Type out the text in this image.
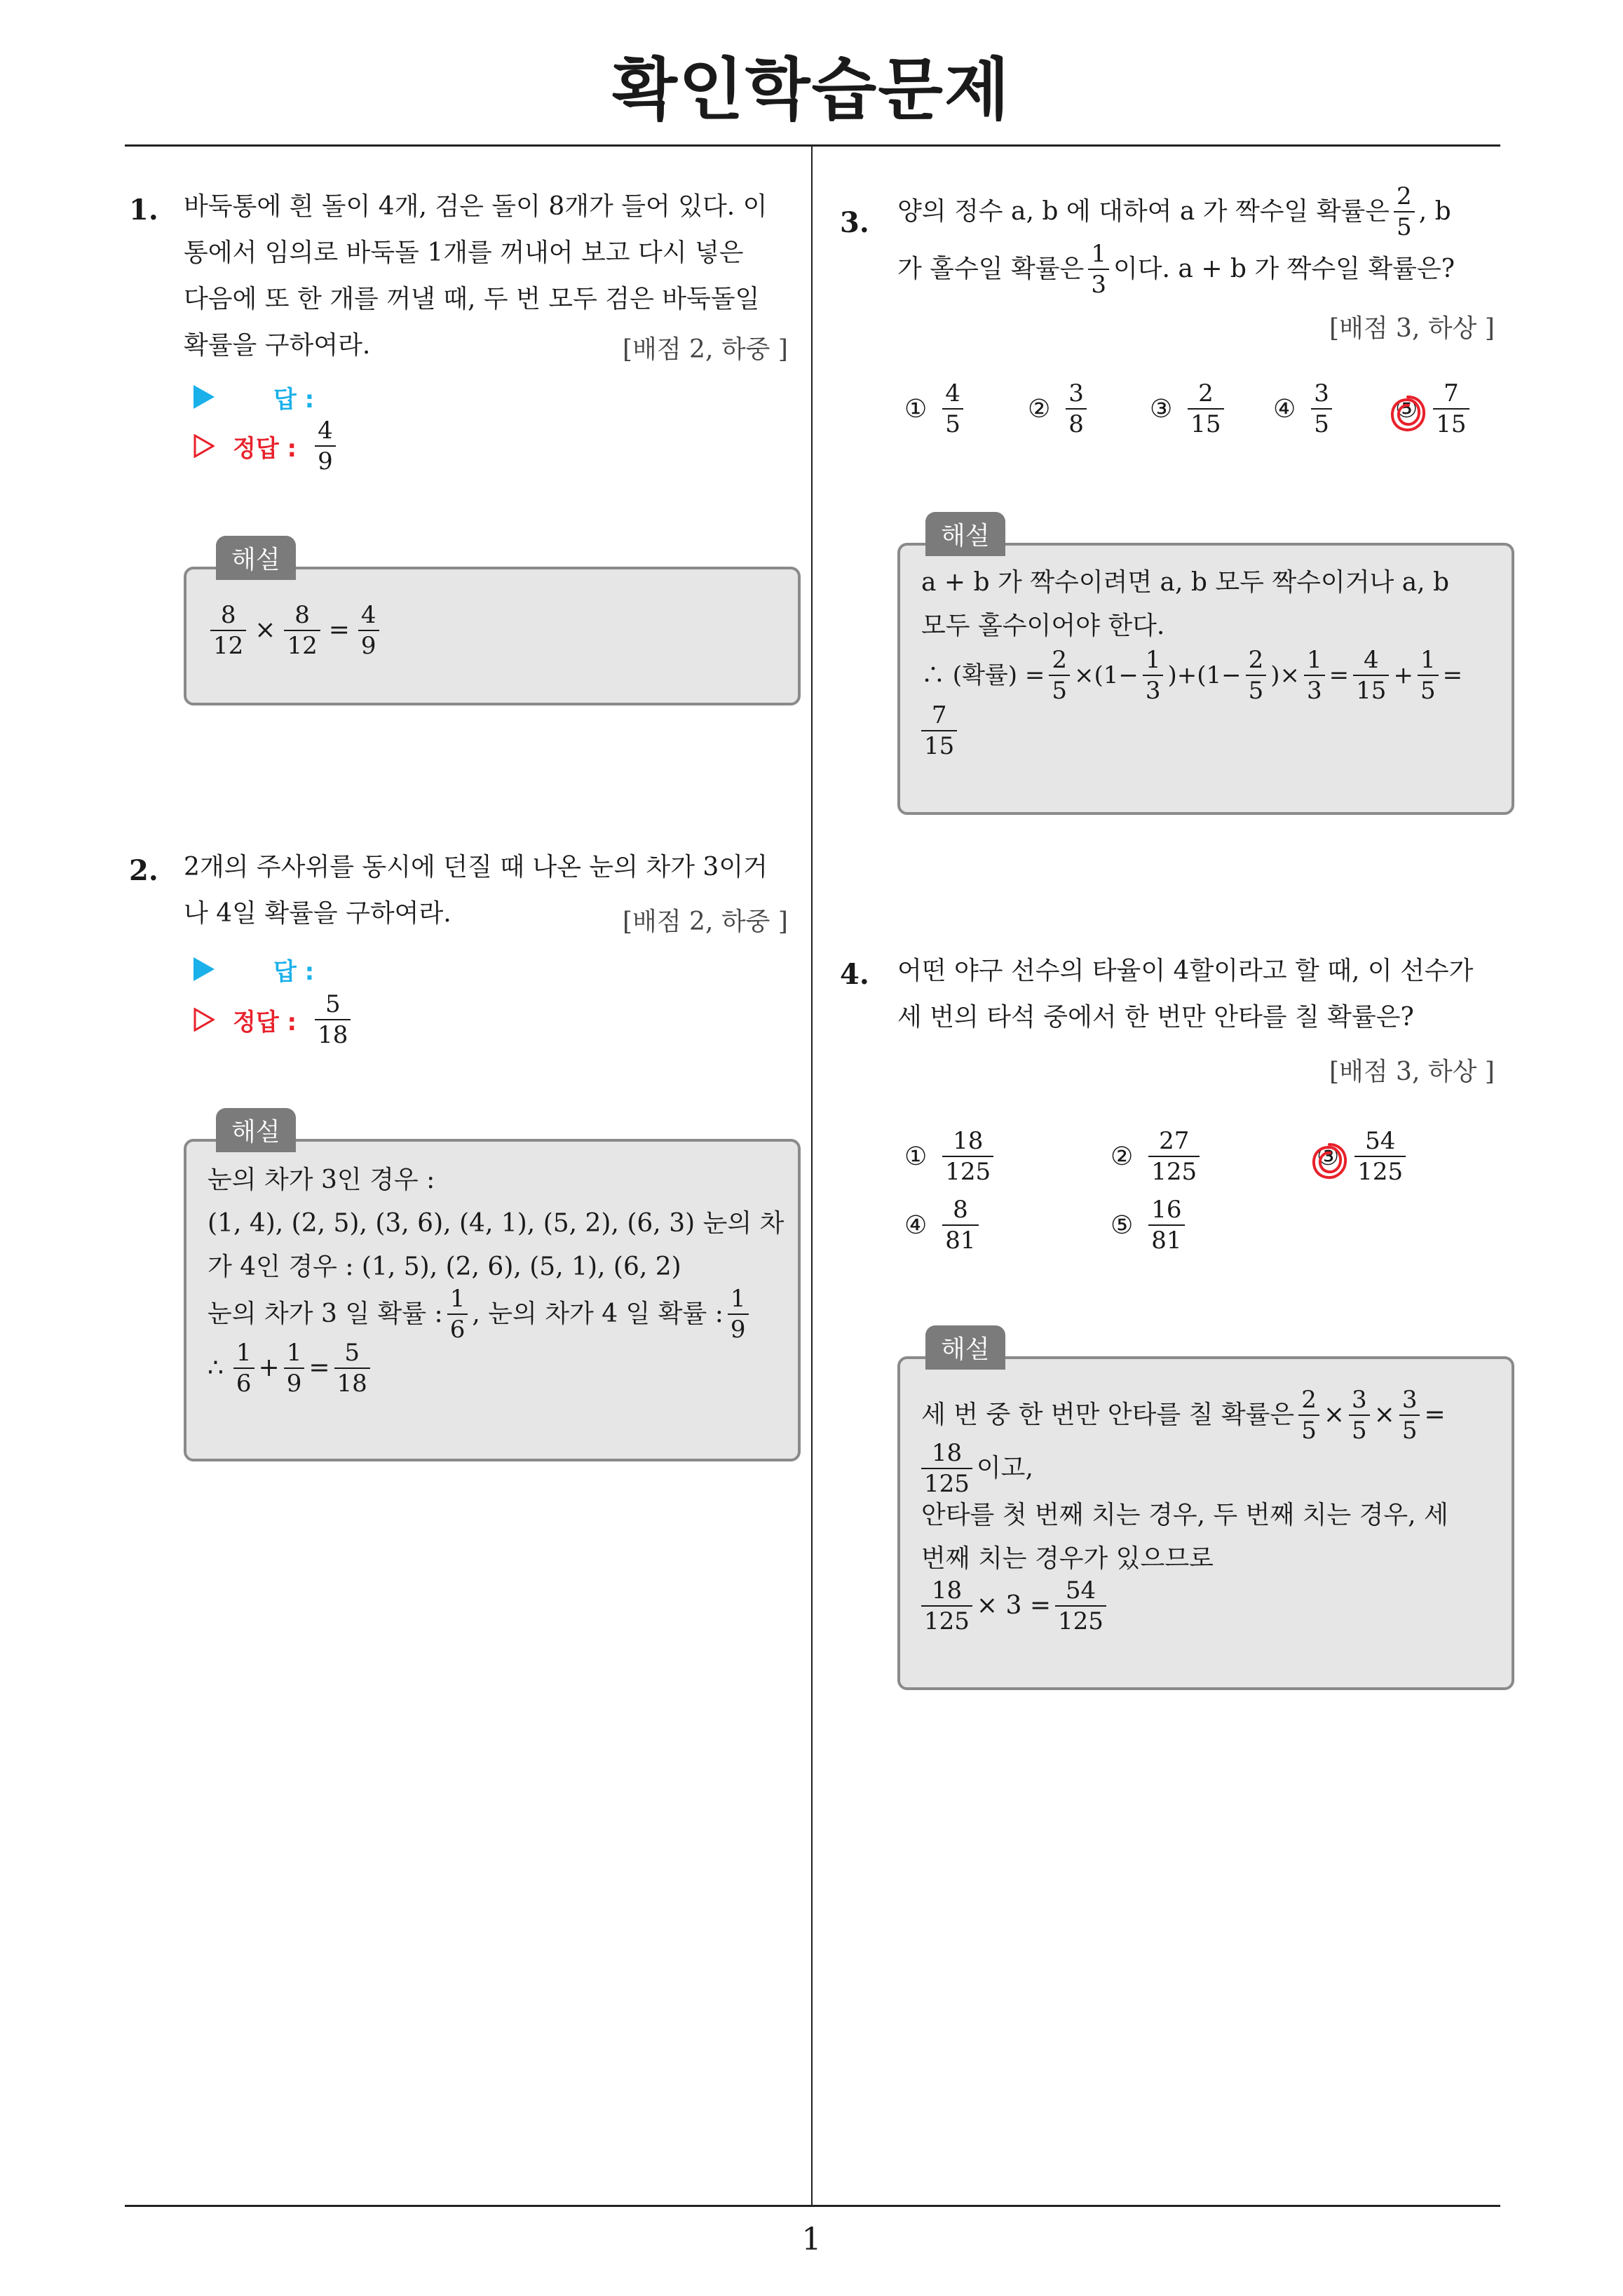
확인학습문제
1. 바둑통에 흰 돌이 4개, 검은 돌이 8개가 들어 있다. 이
통에서 임의로 바둑돌 1개를 꺼내어 보고 다시 넣은
다음에 또 한 개를 꺼낼 때, 두 번 모두 검은 바둑돌일
확률을 구하여라.	[배점 2, 하중 ]
답 :
정답 : $\frac{4}{9}$
해설
$\frac{8}{12} \times \frac{8}{12} = \frac{4}{9}$
2. 2개의 주사위를 동시에 던질 때 나온 눈의 차가 3이거
나 4일 확률을 구하여라.	[배점 2, 하중 ]
답 :
정답 : $\frac{5}{18}$
해설
눈의 차가 3인 경우 :
(1, 4), (2, 5), (3, 6), (4, 1), (5, 2), (6, 3) 눈의 차
가 4인 경우 : (1, 5), (2, 6), (5, 1), (6, 2)
눈의 차가 3 일 확률 : $\frac{1}{6}$ , 눈의 차가 4 일 확률 : $\frac{1}{9}$
∴ $\frac{1}{6} + \frac{1}{9} = \frac{5}{18}$
3. 양의 정수 a, b 에 대하여 a 가 짝수일 확률은 $\frac{2}{5}$ , b
가 홀수일 확률은 $\frac{1}{3}$ 이다. a + b 가 짝수일 확률은?
[배점 3, 하상 ]
① $\frac{4}{5}$	② $\frac{3}{8}$	③ $\frac{2}{15}$ ④ $\frac{3}{5}$	⑤ $\frac{7}{15}$
해설
a + b 가 짝수이려면 a, b 모두 짝수이거나 a, b
모두 홀수이어야 한다.
∴ (확률) = $\frac{2}{5} \times(1- \frac{1}{3} )+(1- \frac{2}{5}$ )× $\frac{1}{3} = \frac{4}{15} + \frac{1}{5}$ =
$\frac{7}{15}$
4. 어떤 야구 선수의 타율이 4할이라고 할 때, 이 선수가
세 번의 타석 중에서 한 번만 안타를 칠 확률은?
[배점 3, 하상 ]
① $\frac{18}{125}$	② $\frac{27}{125}$	③ $\frac{54}{125}$
④ $\frac{8}{81}$	⑤ $\frac{16}{81}$
해설
세 번 중 한 번만 안타를 칠 확률은 $\frac{2}{5} \times \frac{3}{5} \times \frac{3}{5}$ =
$\frac{18}{125}$ 이고,
안타를 첫 번째 치는 경우, 두 번째 치는 경우, 세
번째 치는 경우가 있으므로
$\frac{18}{125} \times 3 = \frac{54}{125}$
1
